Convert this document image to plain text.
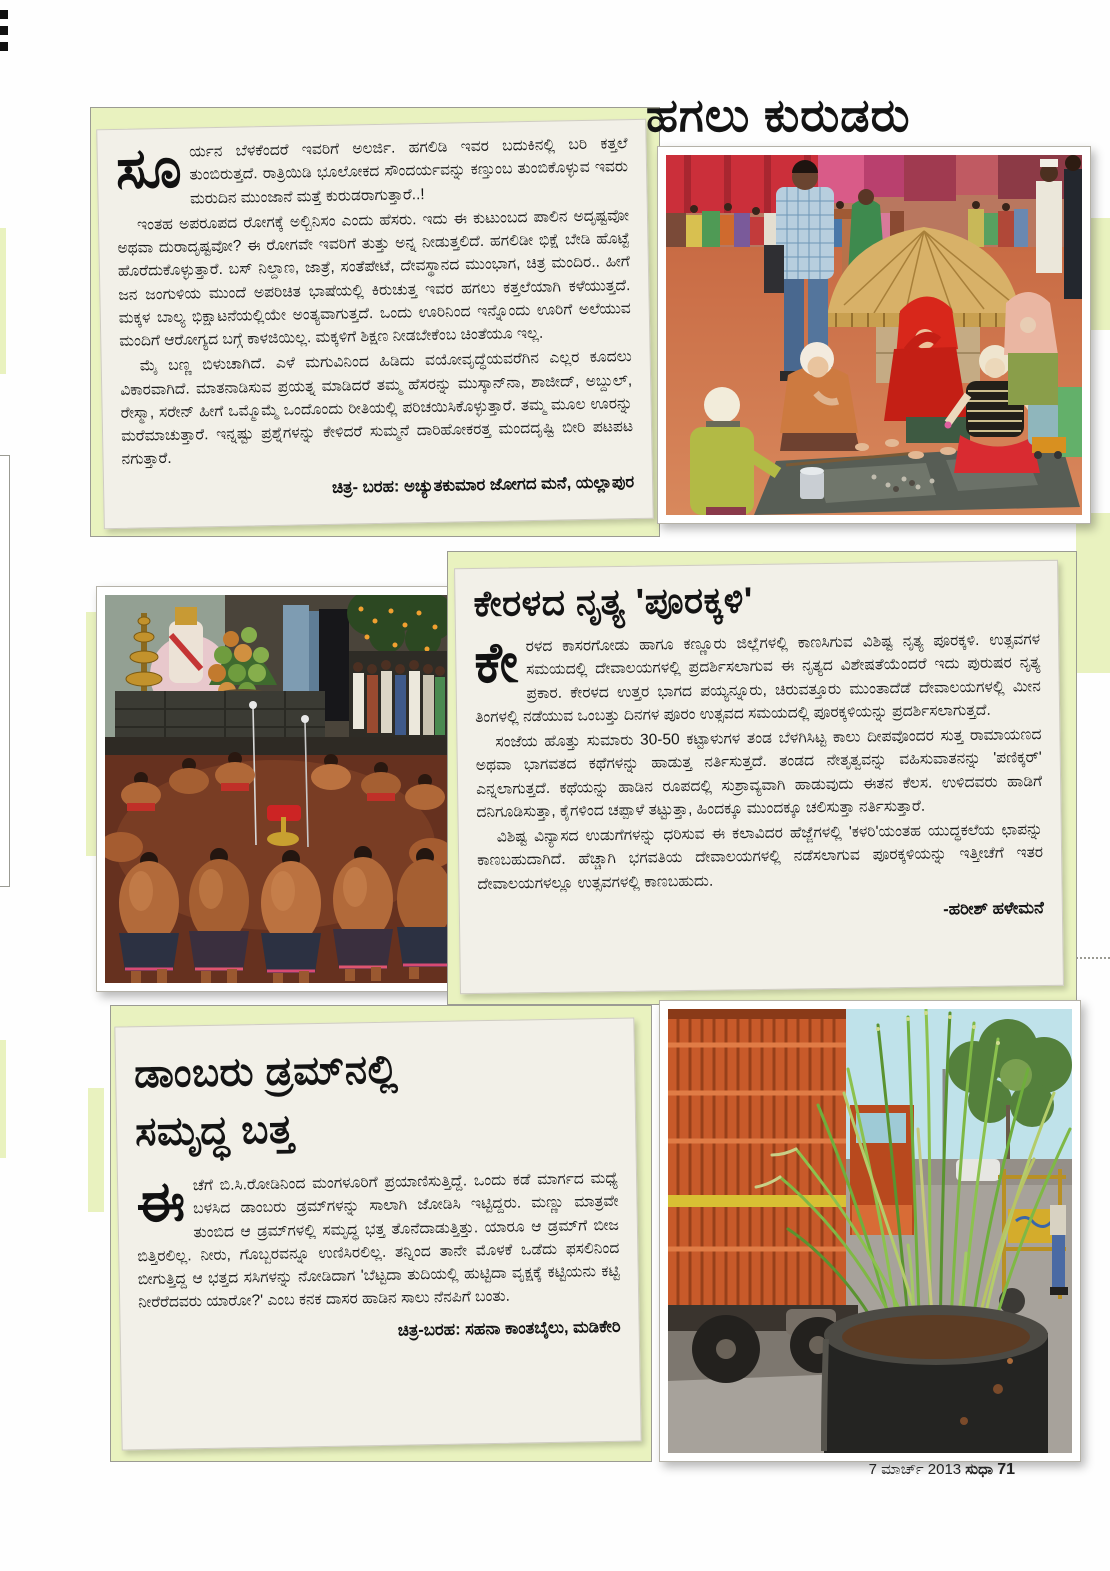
ಸೂರ್ಯನ ಬೆಳಕೆಂದರೆ ಇವರಿಗೆ ಅಲರ್ಜಿ. ಹಗಲಿಡಿ ಇವರ ಬದುಕಿನಲ್ಲಿ ಬರಿ ಕತ್ತಲೆ ತುಂಬಿರುತ್ತದೆ. ರಾತ್ರಿಯಿಡಿ ಭೂಲೋಕದ ಸೌಂದರ್ಯವನ್ನು ಕಣ್ತುಂಬ ತುಂಬಿಕೊಳ್ಳುವ ಇವರು ಮರುದಿನ ಮುಂಜಾನೆ ಮತ್ತೆ ಕುರುಡರಾಗುತ್ತಾರೆ..!

ಇಂತಹ ಅಪರೂಪದ ರೋಗಕ್ಕೆ ಅಲ್ಬಿನಿಸಂ ಎಂದು ಹೆಸರು. ಇದು ಈ ಕುಟುಂಬದ ಪಾಲಿನ ಅದೃಷ್ಟವೋ ಅಥವಾ ದುರಾದೃಷ್ಟವೋ? ಈ ರೋಗವೇ ಇವರಿಗೆ ತುತ್ತು ಅನ್ನ ನೀಡುತ್ತಲಿದೆ. ಹಗಲಿಡೀ ಭಿಕ್ಷೆ ಬೇಡಿ ಹೊಟ್ಟೆ ಹೊರೆದುಕೊಳ್ಳುತ್ತಾರೆ. ಬಸ್ ನಿಲ್ದಾಣ, ಜಾತ್ರೆ, ಸಂತೆಪೇಟೆ, ದೇವಸ್ಥಾನದ ಮುಂಭಾಗ, ಚಿತ್ರ ಮಂದಿರ.. ಹೀಗೆ ಜನ ಜಂಗುಳಿಯ ಮುಂದೆ ಅಪರಿಚಿತ ಭಾಷೆಯಲ್ಲಿ ಕಿರುಚುತ್ತ ಇವರ ಹಗಲು ಕತ್ತಲೆಯಾಗಿ ಕಳೆಯುತ್ತದೆ. ಮಕ್ಕಳ ಬಾಲ್ಯ ಭಿಕ್ಷಾಟನೆಯಲ್ಲಿಯೇ ಅಂತ್ಯವಾಗುತ್ತದೆ. ಒಂದು ಊರಿನಿಂದ ಇನ್ನೊಂದು ಊರಿಗೆ ಅಲೆಯುವ ಮಂದಿಗೆ ಆರೋಗ್ಯದ ಬಗ್ಗೆ ಕಾಳಜಿಯಿಲ್ಲ. ಮಕ್ಕಳಿಗೆ ಶಿಕ್ಷಣ ನೀಡಬೇಕೆಂಬ ಚಿಂತೆಯೂ ಇಲ್ಲ.

ಮೈ ಬಣ್ಣ ಬಿಳುಚಾಗಿದೆ. ಎಳೆ ಮಗುವಿನಿಂದ ಹಿಡಿದು ವಯೋವೃದ್ಧೆಯವರೆಗಿನ ಎಲ್ಲರ ಕೂದಲು ವಿಕಾರವಾಗಿದೆ. ಮಾತನಾಡಿಸುವ ಪ್ರಯತ್ನ ಮಾಡಿದರೆ ತಮ್ಮ ಹೆಸರನ್ನು ಮುಸ್ಕಾನ್‌ನಾ, ಶಾಜೀದ್, ಅಬ್ದುಲ್, ರೇಸ್ಮಾ, ಸರೇನ್ ಹೀಗೆ ಒಮ್ಮೊಮ್ಮೆ ಒಂದೊಂದು ರೀತಿಯಲ್ಲಿ ಪರಿಚಯಿಸಿಕೊಳ್ಳುತ್ತಾರೆ. ತಮ್ಮ ಮೂಲ ಊರನ್ನು ಮರೆಮಾಚುತ್ತಾರೆ. ಇನ್ನಷ್ಟು ಪ್ರಶ್ನೆಗಳನ್ನು ಕೇಳಿದರೆ ಸುಮ್ಮನೆ ದಾರಿಹೋಕರತ್ತ ಮಂದದೃಷ್ಟಿ ಬೀರಿ ಪಟಪಟ ನಗುತ್ತಾರೆ.

ಚಿತ್ರ- ಬರಹ: ಅಚ್ಯುತಕುಮಾರ ಜೋಗದ ಮನೆ, ಯಲ್ಲಾಪುರ
ಹಗಲು ಕುರುಡರು
ಕೇರಳದ ನೃತ್ಯ 'ಪೂರಕ್ಕಳಿ'

ಕೇರಳದ ಕಾಸರಗೋಡು ಹಾಗೂ ಕಣ್ಣೂರು ಜಿಲ್ಲೆಗಳಲ್ಲಿ ಕಾಣಸಿಗುವ ವಿಶಿಷ್ಟ ನೃತ್ಯ ಪೂರಕ್ಕಳಿ. ಉತ್ಸವಗಳ ಸಮಯದಲ್ಲಿ ದೇವಾಲಯಗಳಲ್ಲಿ ಪ್ರದರ್ಶಿಸಲಾಗುವ ಈ ನೃತ್ಯದ ವಿಶೇಷತೆಯೆಂದರೆ ಇದು ಪುರುಷರ ನೃತ್ಯ ಪ್ರಕಾರ. ಕೇರಳದ ಉತ್ತರ ಭಾಗದ ಪಯ್ಯನ್ನೂರು, ಚಿರುವತ್ತೂರು ಮುಂತಾದೆಡೆ ದೇವಾಲಯಗಳಲ್ಲಿ ಮೀನ ತಿಂಗಳಲ್ಲಿ ನಡೆಯುವ ಒಂಬತ್ತು ದಿನಗಳ ಪೂರಂ ಉತ್ಸವದ ಸಮಯದಲ್ಲಿ ಪೂರಕ್ಕಳಿಯನ್ನು ಪ್ರದರ್ಶಿಸಲಾಗುತ್ತದೆ.

ಸಂಜೆಯ ಹೊತ್ತು ಸುಮಾರು 30-50 ಕಟ್ಟಾಳುಗಳ ತಂಡ ಬೆಳಗಿಸಿಟ್ಟ ಕಾಲು ದೀಪವೊಂದರ ಸುತ್ತ ರಾಮಾಯಣದ ಅಥವಾ ಭಾಗವತದ ಕಥೆಗಳನ್ನು ಹಾಡುತ್ತ ನರ್ತಿಸುತ್ತದೆ. ತಂಡದ ನೇತೃತ್ವವನ್ನು ವಹಿಸುವಾತನನ್ನು 'ಪಣಿಕ್ಕರ್' ಎನ್ನಲಾಗುತ್ತದೆ. ಕಥೆಯನ್ನು ಹಾಡಿನ ರೂಪದಲ್ಲಿ ಸುಶ್ರಾವ್ಯವಾಗಿ ಹಾಡುವುದು ಈತನ ಕೆಲಸ. ಉಳಿದವರು ಹಾಡಿಗೆ ದನಿಗೂಡಿಸುತ್ತಾ, ಕೈಗಳಿಂದ ಚಪ್ಪಾಳೆ ತಟ್ಟುತ್ತಾ, ಹಿಂದಕ್ಕೂ ಮುಂದಕ್ಕೂ ಚಲಿಸುತ್ತಾ ನರ್ತಿಸುತ್ತಾರೆ.

ವಿಶಿಷ್ಟ ವಿನ್ಯಾಸದ ಉಡುಗೆಗಳನ್ನು ಧರಿಸುವ ಈ ಕಲಾವಿದರ ಹೆಜ್ಜೆಗಳಲ್ಲಿ 'ಕಳರಿ'ಯಂತಹ ಯುದ್ಧಕಲೆಯ ಛಾಪನ್ನು ಕಾಣಬಹುದಾಗಿದೆ. ಹೆಚ್ಚಾಗಿ ಭಗವತಿಯ ದೇವಾಲಯಗಳಲ್ಲಿ ನಡೆಸಲಾಗುವ ಪೂರಕ್ಕಳಿಯನ್ನು ಇತ್ತೀಚೆಗೆ ಇತರ ದೇವಾಲಯಗಳಲ್ಲೂ ಉತ್ಸವಗಳಲ್ಲಿ ಕಾಣಬಹುದು.

-ಹರೀಶ್ ಹಳೇಮನೆ
ಡಾಂಬರು ಡ್ರಮ್‌ನಲ್ಲಿ
ಸಮೃದ್ಧ ಬತ್ತ

ಈಚೆಗೆ ಬಿ.ಸಿ.ರೋಡಿನಿಂದ ಮಂಗಳೂರಿಗೆ ಪ್ರಯಾಣಿಸುತ್ತಿದ್ದೆ. ಒಂದು ಕಡೆ ಮಾರ್ಗದ ಮಧ್ಯೆ ಬಳಸಿದ ಡಾಂಬರು ಡ್ರಮ್‌ಗಳನ್ನು ಸಾಲಾಗಿ ಜೋಡಿಸಿ ಇಟ್ಟಿದ್ದರು. ಮಣ್ಣು ಮಾತ್ರವೇ ತುಂಬಿದ ಆ ಡ್ರಮ್‌ಗಳಲ್ಲಿ ಸಮೃದ್ಧ ಭತ್ತ ತೊನೆದಾಡುತ್ತಿತ್ತು. ಯಾರೂ ಆ ಡ್ರಮ್‌ಗೆ ಬೀಜ ಬಿತ್ತಿರಲಿಲ್ಲ. ನೀರು, ಗೊಬ್ಬರವನ್ನೂ ಉಣಿಸಿರಲಿಲ್ಲ. ತನ್ನಿಂದ ತಾನೇ ಮೊಳಕೆ ಒಡೆದು ಫಸಲಿನಿಂದ ಬೀಗುತ್ತಿದ್ದ ಆ ಭತ್ತದ ಸಸಿಗಳನ್ನು ನೋಡಿದಾಗ 'ಬೆಟ್ಟದಾ ತುದಿಯಲ್ಲಿ ಹುಟ್ಟಿದಾ ವೃಕ್ಷಕ್ಕೆ ಕಟ್ಟಿಯನು ಕಟ್ಟಿ ನೀರೆರೆದವರು ಯಾರೋ?' ಎಂಬ ಕನಕ ದಾಸರ ಹಾಡಿನ ಸಾಲು ನೆನಪಿಗೆ ಬಂತು.

ಚಿತ್ರ-ಬರಹ: ಸಹನಾ ಕಾಂತಬೈಲು, ಮಡಿಕೇರಿ
7 ಮಾರ್ಚ್ 2013 ಸುಧಾ 71
